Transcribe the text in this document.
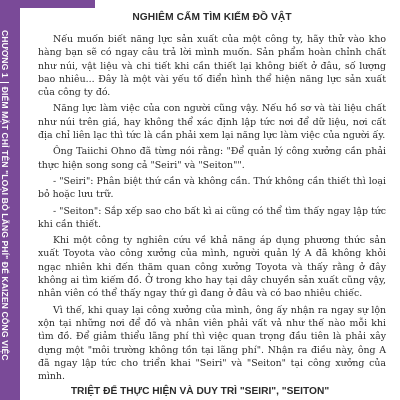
CHƯƠNG 1
ĐIỂM MẶT CHỈ TÊN "LOẠI BỎ LÃNG PHÍ" ĐỂ KAIZEN CÔNG VIỆC
NGHIÊM CẤM TÌM KIẾM ĐỒ VẬT

Nếu muốn biết năng lực sản xuất của một công ty, hãy thử vào kho hàng bạn sẽ có ngay câu trả lời mình muốn. Sản phẩm hoàn chỉnh chất như núi, vật liệu và chi tiết khi cần thiết lại không biết ở đâu, số lượng bao nhiêu... Đây là một vài yếu tố điển hình thể hiện năng lực sản xuất của công ty đó.

Năng lực làm việc của con người cũng vậy. Nếu hồ sơ và tài liệu chất như núi trên giá, hay không thể xác định lập tức nơi để dữ liệu, nơi cất địa chỉ liên lạc thì tức là cần phải xem lại năng lực làm việc của người ấy.

Ông Taiichi Ohno đã từng nói rằng: "Để quản lý công xưởng cần phải thực hiện song song cả "Seiri" và "Seiton"".

- "Seiri": Phân biệt thứ cần và không cần. Thứ không cần thiết thì loại bỏ hoặc lưu trữ.

- "Seiton": Sắp xếp sao cho bất kì ai cũng có thể tìm thấy ngay lập tức khi cần thiết.

Khi một công ty nghiên cứu về khả năng áp dụng phương thức sản xuất Toyota vào công xưởng của mình, người quản lý A đã không khỏi ngạc nhiên khi đến thăm quan công xưởng Toyota và thấy rằng ở đây không ai tìm kiếm đồ. Ở trong kho hay tại dây chuyền sản xuất cũng vậy, nhân viên có thể thấy ngay thứ gì đang ở đâu và có bao nhiêu chiếc.

Vì thế, khi quay lại công xưởng của mình, ông ấy nhận ra ngay sự lộn xộn tại những nơi để đồ và nhân viên phải vất vả như thế nào mỗi khi tìm đồ. Để giảm thiểu lãng phí thì việc quan trọng đầu tiên là phải xây dựng một "môi trường không tồn tại lãng phí". Nhận ra điều này, ông A đã ngay lập tức cho triển khai "Seiri" và "Seiton" tại công xưởng của mình.

TRIỆT ĐỂ THỰC HIỆN VÀ DUY TRÌ "SEIRI", "SEITON"
